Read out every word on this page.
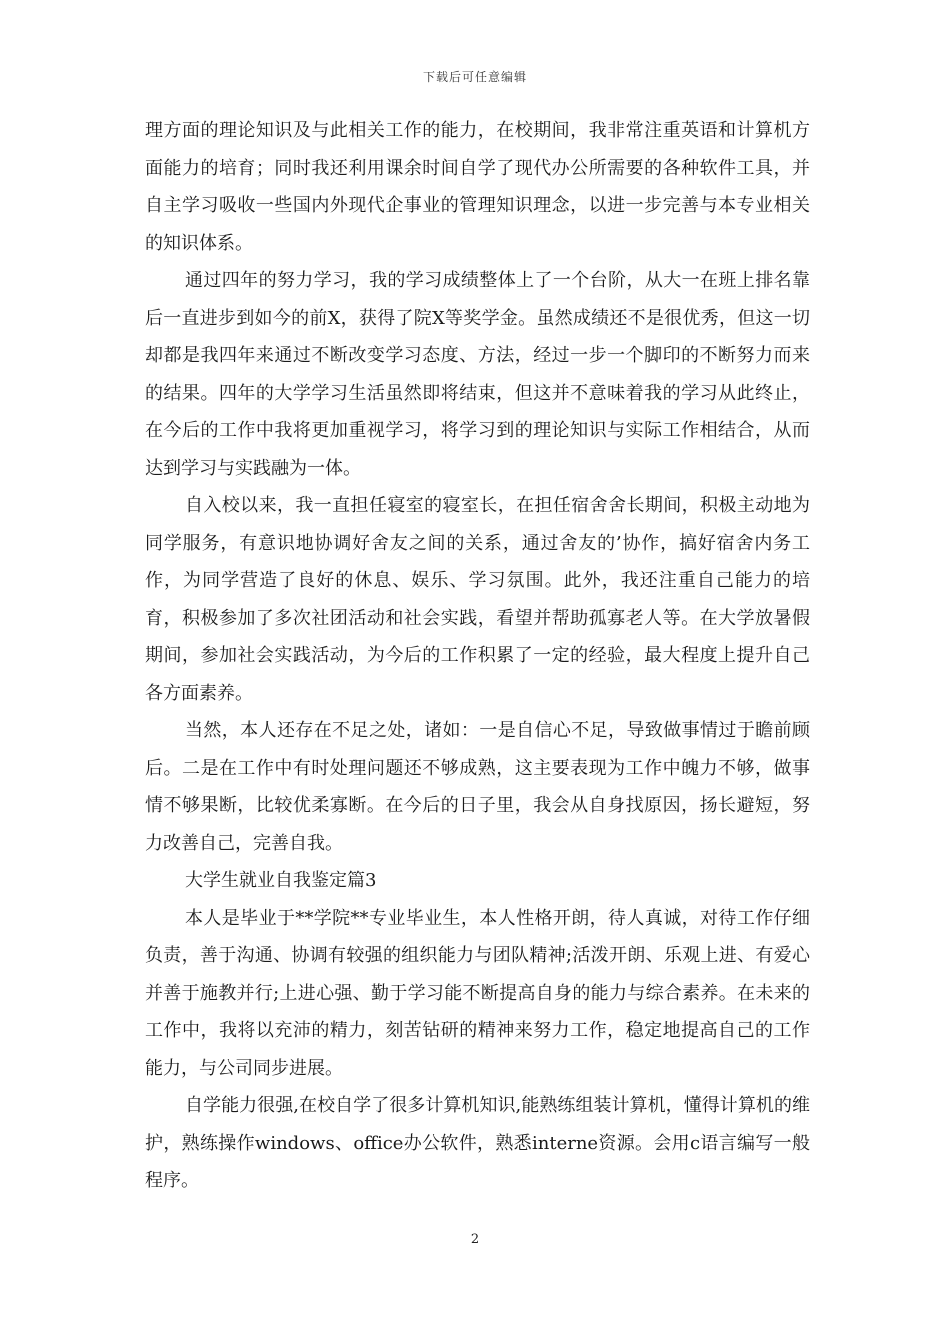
下载后可任意编辑

理方面的理论知识及与此相关工作的能力，在校期间，我非常注重英语和计算机方面能力的培育；同时我还利用课余时间自学了现代办公所需要的各种软件工具，并自主学习吸收一些国内外现代企事业的管理知识理念，以进一步完善与本专业相关的知识体系。

通过四年的努力学习，我的学习成绩整体上了一个台阶，从大一在班上排名靠后一直进步到如今的前X，获得了院X等奖学金。虽然成绩还不是很优秀，但这一切却都是我四年来通过不断改变学习态度、方法，经过一步一个脚印的不断努力而来的结果。四年的大学学习生活虽然即将结束，但这并不意味着我的学习从此终止，在今后的工作中我将更加重视学习，将学习到的理论知识与实际工作相结合，从而达到学习与实践融为一体。

自入校以来，我一直担任寝室的寝室长，在担任宿舍舍长期间，积极主动地为同学服务，有意识地协调好舍友之间的关系，通过舍友的’协作，搞好宿舍内务工作，为同学营造了良好的休息、娱乐、学习氛围。此外，我还注重自己能力的培育，积极参加了多次社团活动和社会实践，看望并帮助孤寡老人等。在大学放暑假期间，参加社会实践活动，为今后的工作积累了一定的经验，最大程度上提升自己各方面素养。

当然，本人还存在不足之处，诸如：一是自信心不足，导致做事情过于瞻前顾后。二是在工作中有时处理问题还不够成熟，这主要表现为工作中魄力不够，做事情不够果断，比较优柔寡断。在今后的日子里，我会从自身找原因，扬长避短，努力改善自己，完善自我。

大学生就业自我鉴定篇3

本人是毕业于**学院**专业毕业生，本人性格开朗，待人真诚，对待工作仔细负责，善于沟通、协调有较强的组织能力与团队精神;活泼开朗、乐观上进、有爱心并善于施教并行;上进心强、勤于学习能不断提高自身的能力与综合素养。在未来的工作中，我将以充沛的精力，刻苦钻研的精神来努力工作，稳定地提高自己的工作能力，与公司同步进展。

自学能力很强,在校自学了很多计算机知识,能熟练组装计算机，懂得计算机的维护，熟练操作windows、office办公软件，熟悉interne资源。会用c语言编写一般程序。

2
